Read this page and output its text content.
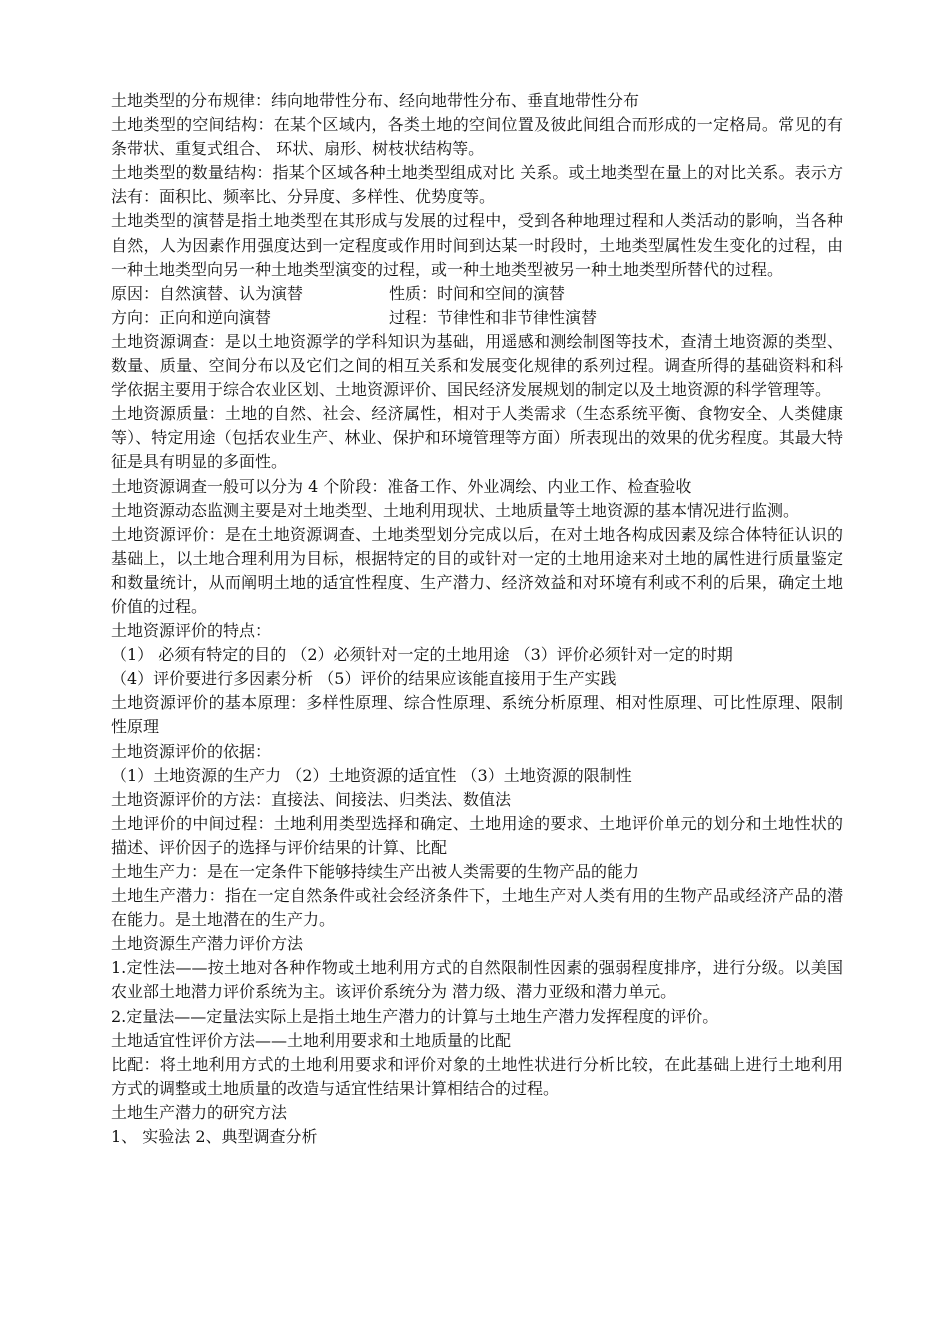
土地类型的分布规律：纬向地带性分布、经向地带性分布、垂直地带性分布

土地类型的空间结构：在某个区域内，各类土地的空间位置及彼此间组合而形成的一定格局。常见的有条带状、重复式组合、 环状、扇形、树枝状结构等。

土地类型的数量结构：指某个区域各种土地类型组成对比 关系。或土地类型在量上的对比关系。表示方法有：面积比、频率比、分异度、多样性、优势度等。

土地类型的演替是指土地类型在其形成与发展的过程中，受到各种地理过程和人类活动的影响，当各种自然，人为因素作用强度达到一定程度或作用时间到达某一时段时，土地类型属性发生变化的过程，由一种土地类型向另一种土地类型演变的过程，或一种土地类型被另一种土地类型所替代的过程。

原因：自然演替、认为演替	性质：时间和空间的演替
方向：正向和逆向演替	过程：节律性和非节律性演替

土地资源调查：是以土地资源学的学科知识为基础，用遥感和测绘制图等技术，查清土地资源的类型、数量、质量、空间分布以及它们之间的相互关系和发展变化规律的系列过程。调查所得的基础资料和科学依据主要用于综合农业区划、土地资源评价、国民经济发展规划的制定以及土地资源的科学管理等。

土地资源质量：土地的自然、社会、经济属性，相对于人类需求（生态系统平衡、食物安全、人类健康等）、特定用途（包括农业生产、林业、保护和环境管理等方面）所表现出的效果的优劣程度。其最大特征是具有明显的多面性。

土地资源调查一般可以分为 4 个阶段：准备工作、外业凋绘、内业工作、检查验收

土地资源动态监测主要是对土地类型、土地利用现状、土地质量等土地资源的基本情况进行监测。

土地资源评价：是在土地资源调查、土地类型划分完成以后，在对土地各构成因素及综合体特征认识的基础上，以土地合理利用为目标，根据特定的目的或针对一定的土地用途来对土地的属性进行质量鉴定和数量统计，从而阐明土地的适宜性程度、生产潜力、经济效益和对环境有利或不利的后果，确定土地价值的过程。

土地资源评价的特点：

（1） 必须有特定的目的 （2）必须针对一定的土地用途 （3）评价必须针对一定的时期

（4）评价要进行多因素分析 （5）评价的结果应该能直接用于生产实践

土地资源评价的基本原理：多样性原理、综合性原理、系统分析原理、相对性原理、可比性原理、限制性原理

土地资源评价的依据：

（1）土地资源的生产力 （2）土地资源的适宜性 （3）土地资源的限制性

土地资源评价的方法：直接法、间接法、归类法、数值法

土地评价的中间过程：土地利用类型选择和确定、土地用途的要求、土地评价单元的划分和土地性状的描述、评价因子的选择与评价结果的计算、比配

土地生产力：是在一定条件下能够持续生产出被人类需要的生物产品的能力

土地生产潜力：指在一定自然条件或社会经济条件下，土地生产对人类有用的生物产品或经济产品的潜在能力。是土地潜在的生产力。

土地资源生产潜力评价方法

1.定性法——按土地对各种作物或土地利用方式的自然限制性因素的强弱程度排序，进行分级。以美国农业部土地潜力评价系统为主。该评价系统分为 潜力级、潜力亚级和潜力单元。

2.定量法——定量法实际上是指土地生产潜力的计算与土地生产潜力发挥程度的评价。

土地适宜性评价方法——土地利用要求和土地质量的比配

比配：将土地利用方式的土地利用要求和评价对象的土地性状进行分析比较，在此基础上进行土地利用方式的调整或土地质量的改造与适宜性结果计算相结合的过程。

土地生产潜力的研究方法

1、 实验法 2、典型调查分析
